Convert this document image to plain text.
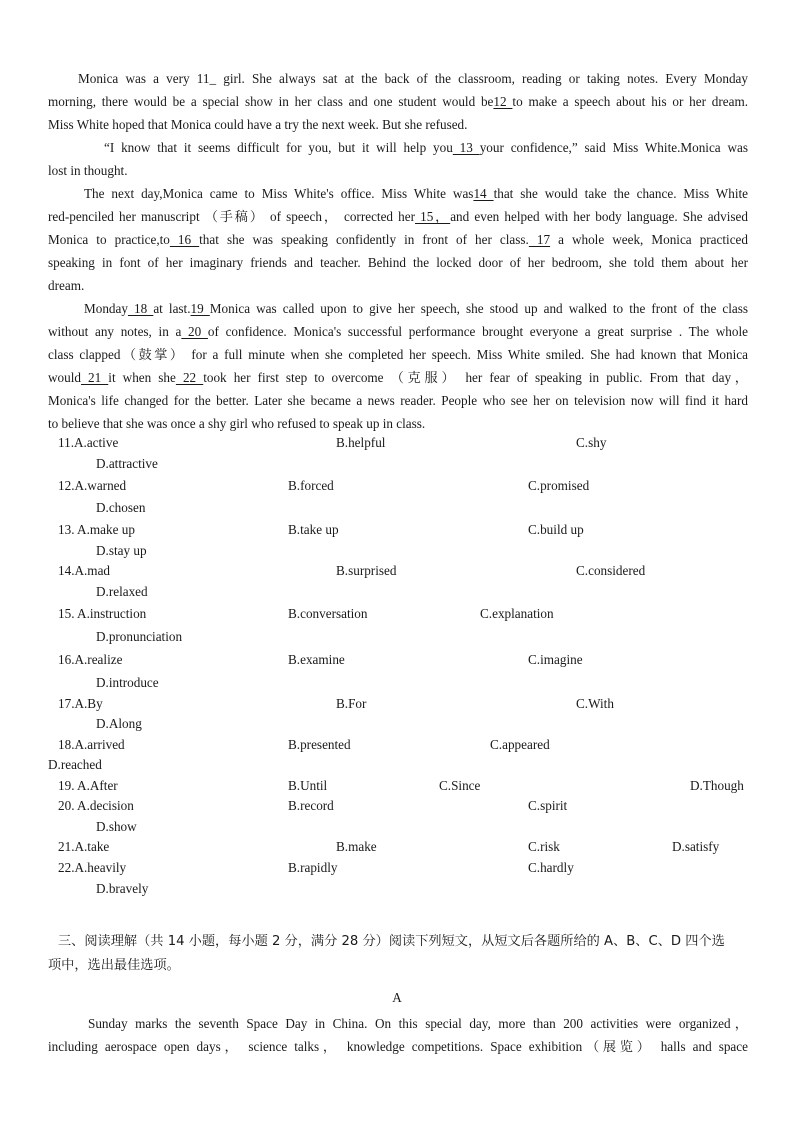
Monica was a very 11_ girl. She always sat at the back of the classroom, reading or taking notes. Every Monday
morning, there would be a special show in her class and one student would be12 to make a speech about his or her dream.
Miss White hoped that Monica could have a try the next week. But she refused.
“I know that it seems difficult for you, but it will help you 13 your confidence,” said Miss White.Monica was
lost in thought.
The next day,Monica came to Miss White's office. Miss White was14 that she would take the chance. Miss White
red-penciled her manuscript （手稿） of speech， corrected her 15，and even helped with her body language. She advised
Monica to practice,to 16 that she was speaking confidently in front of her class. 17 a whole week, Monica practiced
speaking in font of her imaginary friends and teacher. Behind the locked door of her bedroom, she told them about her
dream.
Monday 18 at last.19 Monica was called upon to give her speech, she stood up and walked to the front of the class
without any notes, in a 20 of confidence. Monica's successful performance brought everyone a great surprise . The whole
class clapped（鼓掌） for a full minute when she completed her speech. Miss White smiled. She had known that Monica
would 21 it when she 22 took her first step to overcome （克服） her fear of speaking in public. From that day，
Monica's life changed for the better. Later she became a news reader. People who see her on television now will find it hard
to believe that she was once a shy girl who refused to speak up in class.
11.A.active	B.helpful	C.shy
D.attractive
12.A.warned	B.forced	C.promised
D.chosen
13. A.make up	B.take up	C.build up
D.stay up
14.A.mad	B.surprised	C.considered
D.relaxed
15. A.instruction	B.conversation	C.explanation
D.pronunciation
16.A.realize	B.examine	C.imagine
D.introduce
17.A.By	B.For	C.With
D.Along
18.A.arrived	B.presented	C.appeared
D.reached
19. A.After	B.Until	C.Since	D.Though
20. A.decision	B.record	C.spirit
D.show
21.A.take	B.make	C.risk	D.satisfy
22.A.heavily	B.rapidly	C.hardly
D.bravely
三、阅读理解（共 14 小题，每小题 2 分，满分 28 分）阅读下列短文，从短文后各题所给的 A、B、C、D 四个选
项中，选出最佳选项。
A
Sunday marks the seventh Space Day in China. On this special day, more than 200 activities were organized，
including aerospace open days， science talks， knowledge competitions. Space exhibition（展览） halls and space
